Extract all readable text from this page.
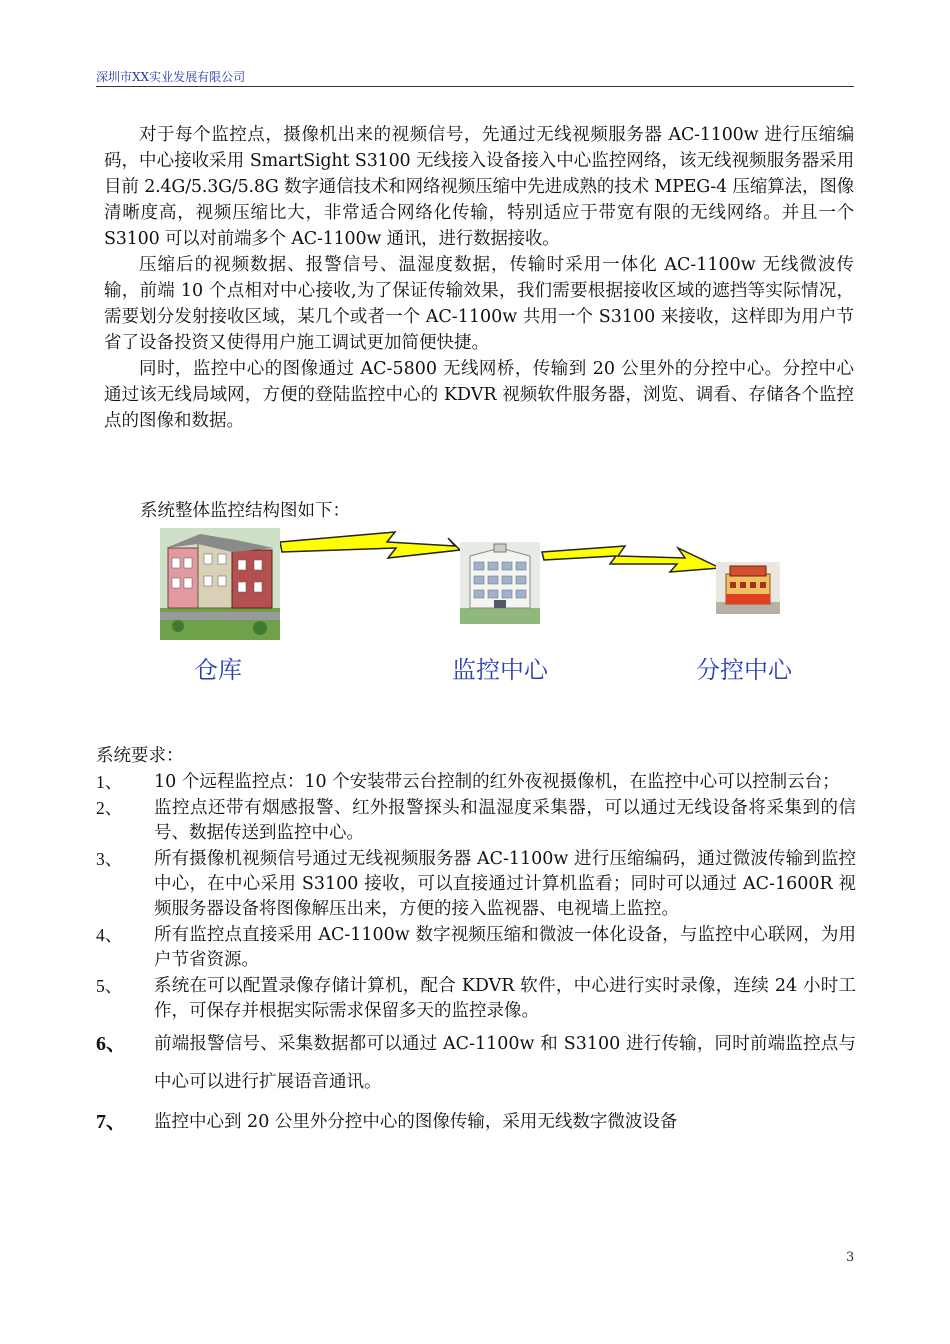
深圳市XX实业发展有限公司

对于每个监控点，摄像机出来的视频信号，先通过无线视频服务器 AC-1100w 进行压缩编码，中心接收采用 SmartSight S3100 无线接入设备接入中心监控网络，该无线视频服务器采用目前 2.4G/5.3G/5.8G 数字通信技术和网络视频压缩中先进成熟的技术 MPEG-4 压缩算法，图像清晰度高，视频压缩比大，非常适合网络化传输，特别适应于带宽有限的无线网络。并且一个 S3100 可以对前端多个 AC-1100w 通讯，进行数据接收。

压缩后的视频数据、报警信号、温湿度数据，传输时采用一体化 AC-1100w 无线微波传输，前端 10 个点相对中心接收,为了保证传输效果，我们需要根据接收区域的遮挡等实际情况，需要划分发射接收区域，某几个或者一个 AC-1100w 共用一个 S3100 来接收，这样即为用户节省了设备投资又使得用户施工调试更加简便快捷。

同时，监控中心的图像通过 AC-5800 无线网桥，传输到 20 公里外的分控中心。分控中心通过该无线局域网，方便的登陆监控中心的 KDVR 视频软件服务器，浏览、调看、存储各个监控点的图像和数据。

系统整体监控结构图如下：
仓库	监控中心	分控中心
系统要求：
1、	10 个远程监控点：10 个安装带云台控制的红外夜视摄像机，在监控中心可以控制云台；
2、	监控点还带有烟感报警、红外报警探头和温湿度采集器，可以通过无线设备将采集到的信号、数据传送到监控中心。
3、	所有摄像机视频信号通过无线视频服务器 AC-1100w 进行压缩编码，通过微波传输到监控中心，在中心采用 S3100 接收，可以直接通过计算机监看；同时可以通过 AC-1600R 视频服务器设备将图像解压出来，方便的接入监视器、电视墙上监控。
4、	所有监控点直接采用 AC-1100w 数字视频压缩和微波一体化设备，与监控中心联网，为用户节省资源。
5、	系统在可以配置录像存储计算机，配合 KDVR 软件，中心进行实时录像，连续 24 小时工作，可保存并根据实际需求保留多天的监控录像。
6、	前端报警信号、采集数据都可以通过 AC-1100w 和 S3100 进行传输，同时前端监控点与中心可以进行扩展语音通讯。
7、	监控中心到 20 公里外分控中心的图像传输，采用无线数字微波设备
3
